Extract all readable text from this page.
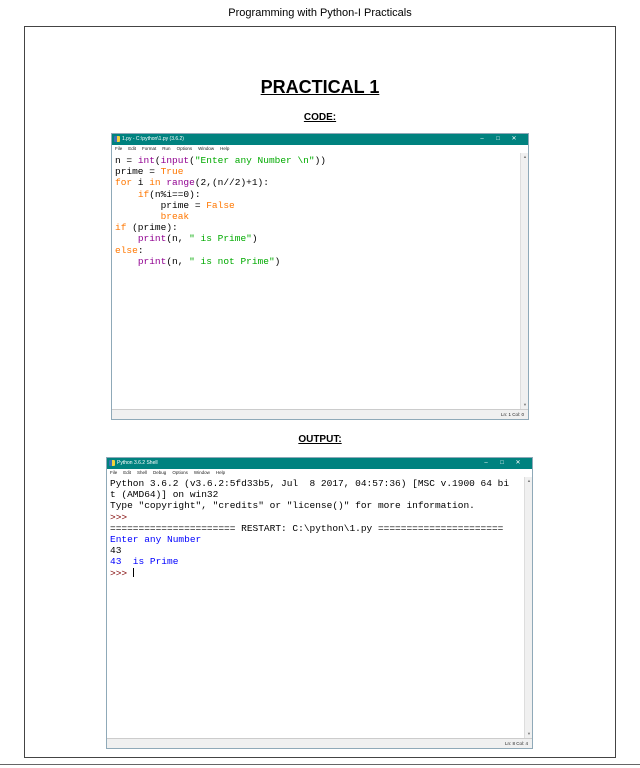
Programming with Python-I Practicals
PRACTICAL 1
CODE:
OUTPUT:
1.py - C:\python\1.py (3.6.2)	– □ ✕
File Edit Format Run Options Window Help
n = int(input("Enter any Number \n"))
prime = True
for i in range(2,(n//2)+1):
if(n%i==0):
prime = False
break
if (prime):
print(n, " is Prime")
else:
print(n, " is not Prime")
▲
▼
Ln: 1 Col: 0
Python 3.6.2 Shell	– □ ✕
File Edit Shell Debug Options Window Help
Python 3.6.2 (v3.6.2:5fd33b5, Jul  8 2017, 04:57:36) [MSC v.1900 64 bi
t (AMD64)] on win32
Type "copyright", "credits" or "license()" for more information.
>>>
====================== RESTART: C:\python\1.py ======================
Enter any Number
43
43  is Prime
>>>
▲
▼
Ln: 8 Col: 4
